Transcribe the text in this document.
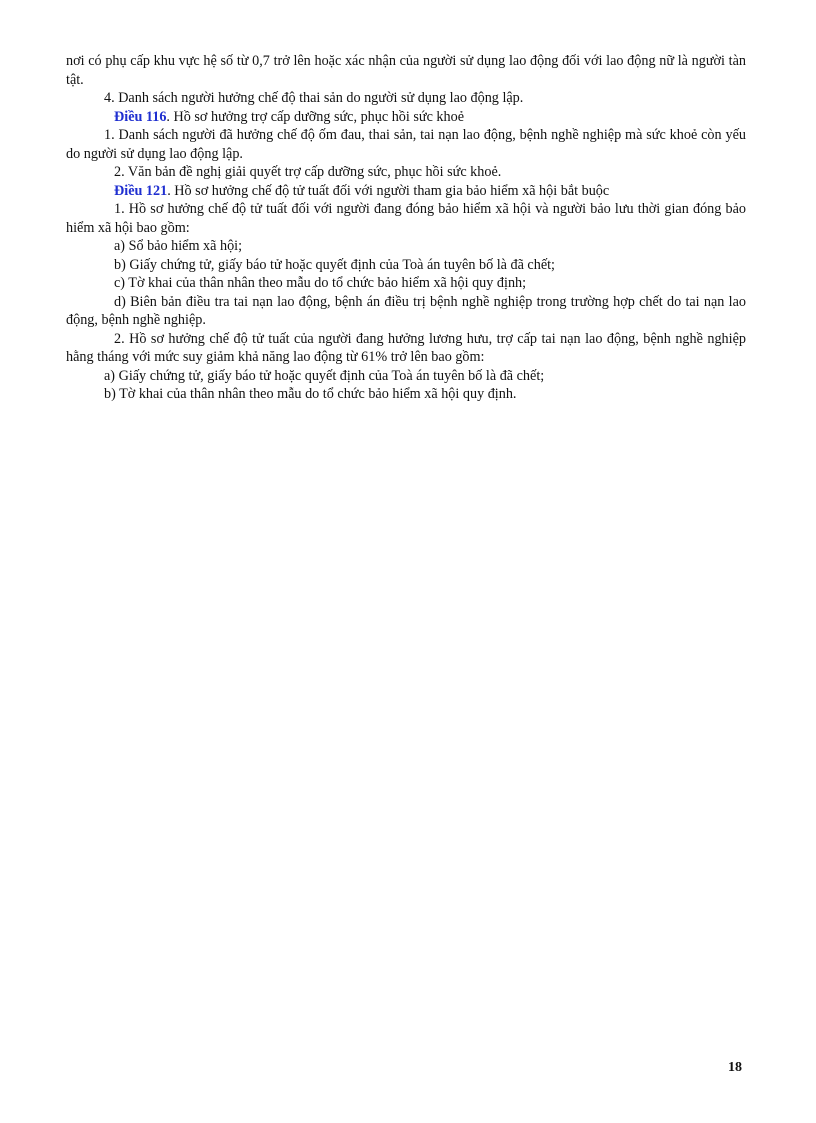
nơi có phụ cấp khu vực hệ số từ 0,7 trở lên hoặc xác nhận của người sử dụng lao động đối với lao động nữ là người tàn tật.

4. Danh sách người hưởng chế độ thai sản do người sử dụng lao động lập.

Điều 116. Hồ sơ hưởng trợ cấp dưỡng sức, phục hồi sức khoẻ

1. Danh sách người đã hưởng chế độ ốm đau, thai sản, tai nạn lao động, bệnh nghề nghiệp mà sức khoẻ còn yếu do người sử dụng lao động lập.

2. Văn bản đề nghị giải quyết trợ cấp dưỡng sức, phục hồi sức khoẻ.

Điều 121. Hồ sơ hưởng chế độ tử tuất đối với người tham gia bảo hiểm xã hội bắt buộc

1. Hồ sơ hưởng chế độ tử tuất đối với người đang đóng bảo hiểm xã hội và người bảo lưu thời gian đóng bảo hiểm xã hội bao gồm:

a) Sổ bảo hiểm xã hội;

b) Giấy chứng tử, giấy báo tử hoặc quyết định của Toà án tuyên bố là đã chết;

c) Tờ khai của thân nhân theo mẫu do tổ chức bảo hiểm xã hội quy định;

d) Biên bản điều tra tai nạn lao động, bệnh án điều trị bệnh nghề nghiệp trong trường hợp chết do tai nạn lao động, bệnh nghề nghiệp.

2. Hồ sơ hưởng chế độ tử tuất của người đang hưởng lương hưu, trợ cấp tai nạn lao động, bệnh nghề nghiệp hằng tháng với mức suy giảm khả năng lao động từ 61% trở lên bao gồm:

a) Giấy chứng tử, giấy báo tử hoặc quyết định của Toà án tuyên bố là đã chết;

b) Tờ khai của thân nhân theo mẫu do tổ chức bảo hiểm xã hội quy định.

18
